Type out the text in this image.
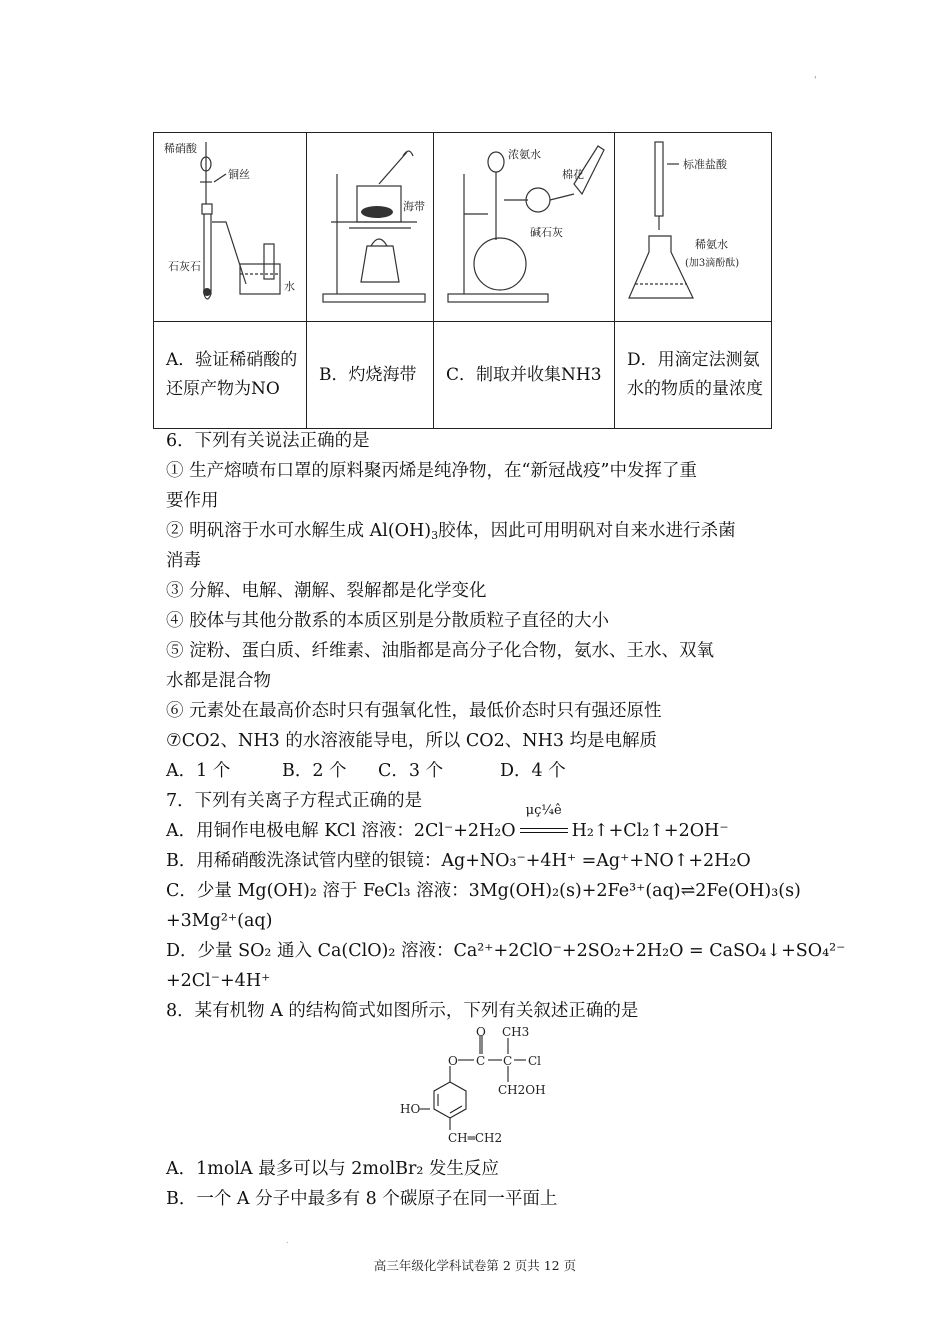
'
稀硝酸
铜丝
石灰石
水	海带	浓氨水
棉花
碱石灰	标准盐酸
稀氨水
(加3滴酚酞)

A．验证稀硝酸的还原产物为NO	B．灼烧海带	C．制取并收集NH3	D．用滴定法测氨水的物质的量浓度
6．下列有关说法正确的是
① 生产熔喷布口罩的原料聚丙烯是纯净物，在“新冠战疫”中发挥了重
要作用
② 明矾溶于水可水解生成 $Al(OH)_3$胶体，因此可用明矾对自来水进行杀菌
消毒
③ 分解、电解、潮解、裂解都是化学变化
④ 胶体与其他分散系的本质区别是分散质粒子直径的大小
⑤ 淀粉、蛋白质、纤维素、油脂都是高分子化合物，氨水、王水、双氧
水都是混合物
⑥ 元素处在最高价态时只有强氧化性，最低价态时只有强还原性
⑦CO2、NH3 的水溶液能导电，所以 CO2、NH3 均是电解质
A．1 个	B．2 个 C．3 个	D．4 个
7．下列有关离子方程式正确的是
A．用铜作电极电解 KCl 溶液：2Cl⁻+2H₂O
μç¼ê
H₂↑+Cl₂↑+2OH⁻
B．用稀硝酸洗涤试管内壁的银镜：Ag+NO₃⁻+4H⁺ =Ag⁺+NO↑+2H₂O
C．少量 Mg(OH)₂ 溶于 FeCl₃ 溶液：3Mg(OH)₂(s)+2Fe³⁺(aq)⇌2Fe(OH)₃(s)
+3Mg²⁺(aq)
D．少量 SO₂ 通入 Ca(ClO)₂ 溶液：Ca²⁺+2ClO⁻+2SO₂+2H₂O = CaSO₄↓+SO₄²⁻
+2Cl⁻+4H⁺
8．某有机物 A 的结构简式如图所示，下列有关叙述正确的是
O CH3
O C C Cl
CH2OH
HO
CH═CH2
A．1molA 最多可以与 2molBr₂ 发生反应
B．一个 A 分子中最多有 8 个碳原子在同一平面上
.
高三年级化学科试卷第 2 页共 12 页
